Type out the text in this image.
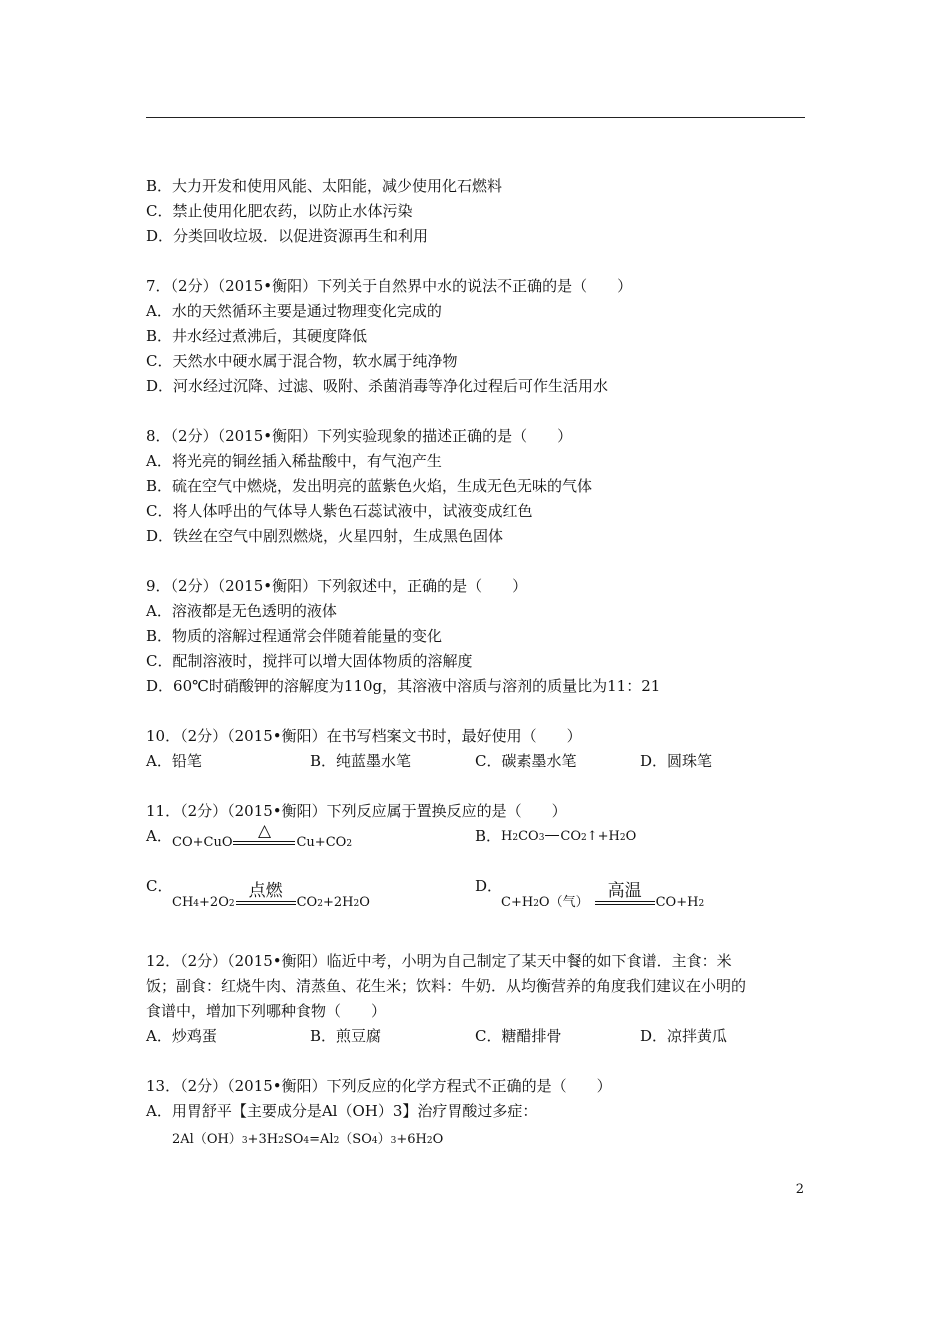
B．大力开发和使用风能、太阳能，减少使用化石燃料
C．禁止使用化肥农药，以防止水体污染
D．分类回收垃圾．以促进资源再生和利用
7．（2分）（2015•衡阳）下列关于自然界中水的说法不正确的是（　　）
A．水的天然循环主要是通过物理变化完成的
B．井水经过煮沸后，其硬度降低
C．天然水中硬水属于混合物，软水属于纯净物
D．河水经过沉降、过滤、吸附、杀菌消毒等净化过程后可作生活用水
8．（2分）（2015•衡阳）下列实验现象的描述正确的是（　　）
A．将光亮的铜丝插入稀盐酸中，有气泡产生
B．硫在空气中燃烧，发出明亮的蓝紫色火焰，生成无色无味的气体
C．将人体呼出的气体导人紫色石蕊试液中，试液变成红色
D．铁丝在空气中剧烈燃烧，火星四射，生成黑色固体
9．（2分）（2015•衡阳）下列叙述中，正确的是（　　）
A．溶液都是无色透明的液体
B．物质的溶解过程通常会伴随着能量的变化
C．配制溶液时，搅拌可以增大固体物质的溶解度
D．60℃时硝酸钾的溶解度为110g，其溶液中溶质与溶剂的质量比为11：21
10．（2分）（2015•衡阳）在书写档案文书时，最好使用（　　）
A．铅笔	B．纯蓝墨水笔	C．碳素墨水笔	D．圆珠笔
11．（2分）（2015•衡阳）下列反应属于置换反应的是（　　）
A． CO+CuO
△
Cu+CO 2	B． H 2 CO 3 CO 2 ↑+H 2 O
C．
CH 4 +2O 2
点燃
CO 2 +2H 2 O
D．
C+H 2 O（气）
高温
CO+H 2
12．（2分）（2015•衡阳）临近中考，小明为自己制定了某天中餐的如下食谱．主食：米
饭；副食：红烧牛肉、清蒸鱼、花生米；饮料：牛奶．从均衡营养的角度我们建议在小明的
食谱中，增加下列哪种食物（　　）
A．炒鸡蛋	B．煎豆腐	C．糖醋排骨	D．凉拌黄瓜
13．（2分）（2015•衡阳）下列反应的化学方程式不正确的是（　　）
A．用胃舒平【主要成分是Al（OH）3】治疗胃酸过多症：
$2Al(OH)_3 +3H$ 2 SO 4 =Al 2 （$SO_4$ ）$_3 +6H$ 2 O
2
